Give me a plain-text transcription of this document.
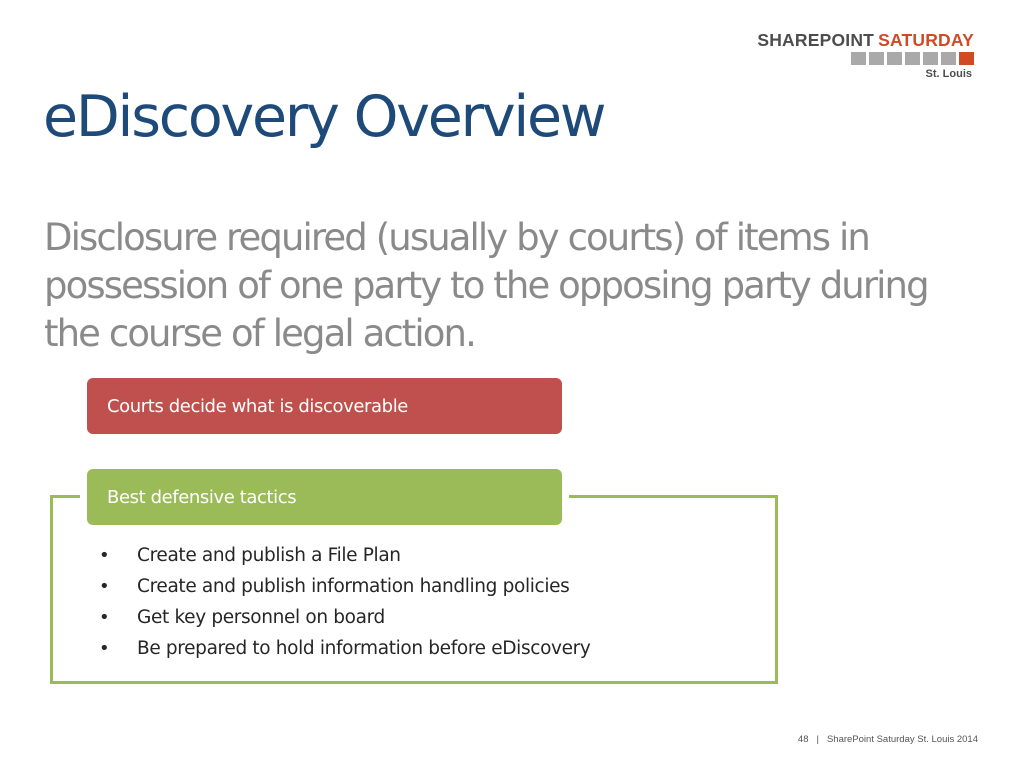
SHAREPOINT SATURDAY
St. Louis
eDiscovery Overview

Disclosure required (usually by courts) of items in possession of one party to the opposing party during the course of legal action.

Courts decide what is discoverable
Best defensive tactics
•	Create and publish a File Plan
•	Create and publish information handling policies
•	Get key personnel on board
•	Be prepared to hold information before eDiscovery
48 | SharePoint Saturday St. Louis 2014
